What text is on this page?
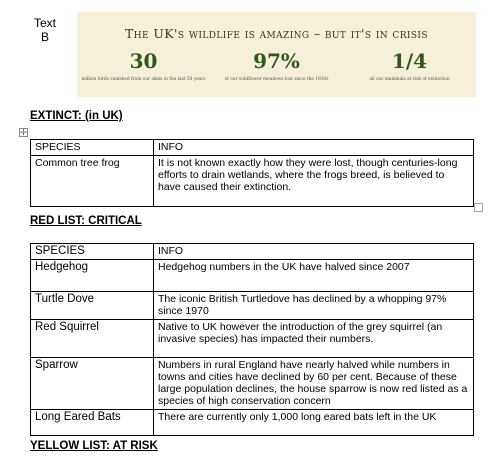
Text
B	The UK's wildlife is amazing – but it's in crisis
30
million birds vanished from our skies in the last 50 years
97%
of our wildflower meadows lost since the 1930s
1/4
all our mammals at risk of extinction
EXTINCT: (in UK)
✢
SPECIES	INFO
Common tree frog	It is not known exactly how they were lost, though centuries-long efforts to drain wetlands, where the frogs breed, is believed to have caused their extinction.
RED LIST: CRITICAL
SPECIES	INFO
Hedgehog	Hedgehog numbers in the UK have halved since 2007
Turtle Dove	The iconic British Turtledove has declined by a whopping 97% since 1970
Red Squirrel	Native to UK however the introduction of the grey squirrel (an invasive species) has impacted their numbers.
Sparrow	Numbers in rural England have nearly halved while numbers in towns and cities have declined by 60 per cent. Because of these large population declines, the house sparrow is now red listed as a species of high conservation concern
Long Eared Bats	There are currently only 1,000 long eared bats left in the UK
YELLOW LIST: AT RISK
